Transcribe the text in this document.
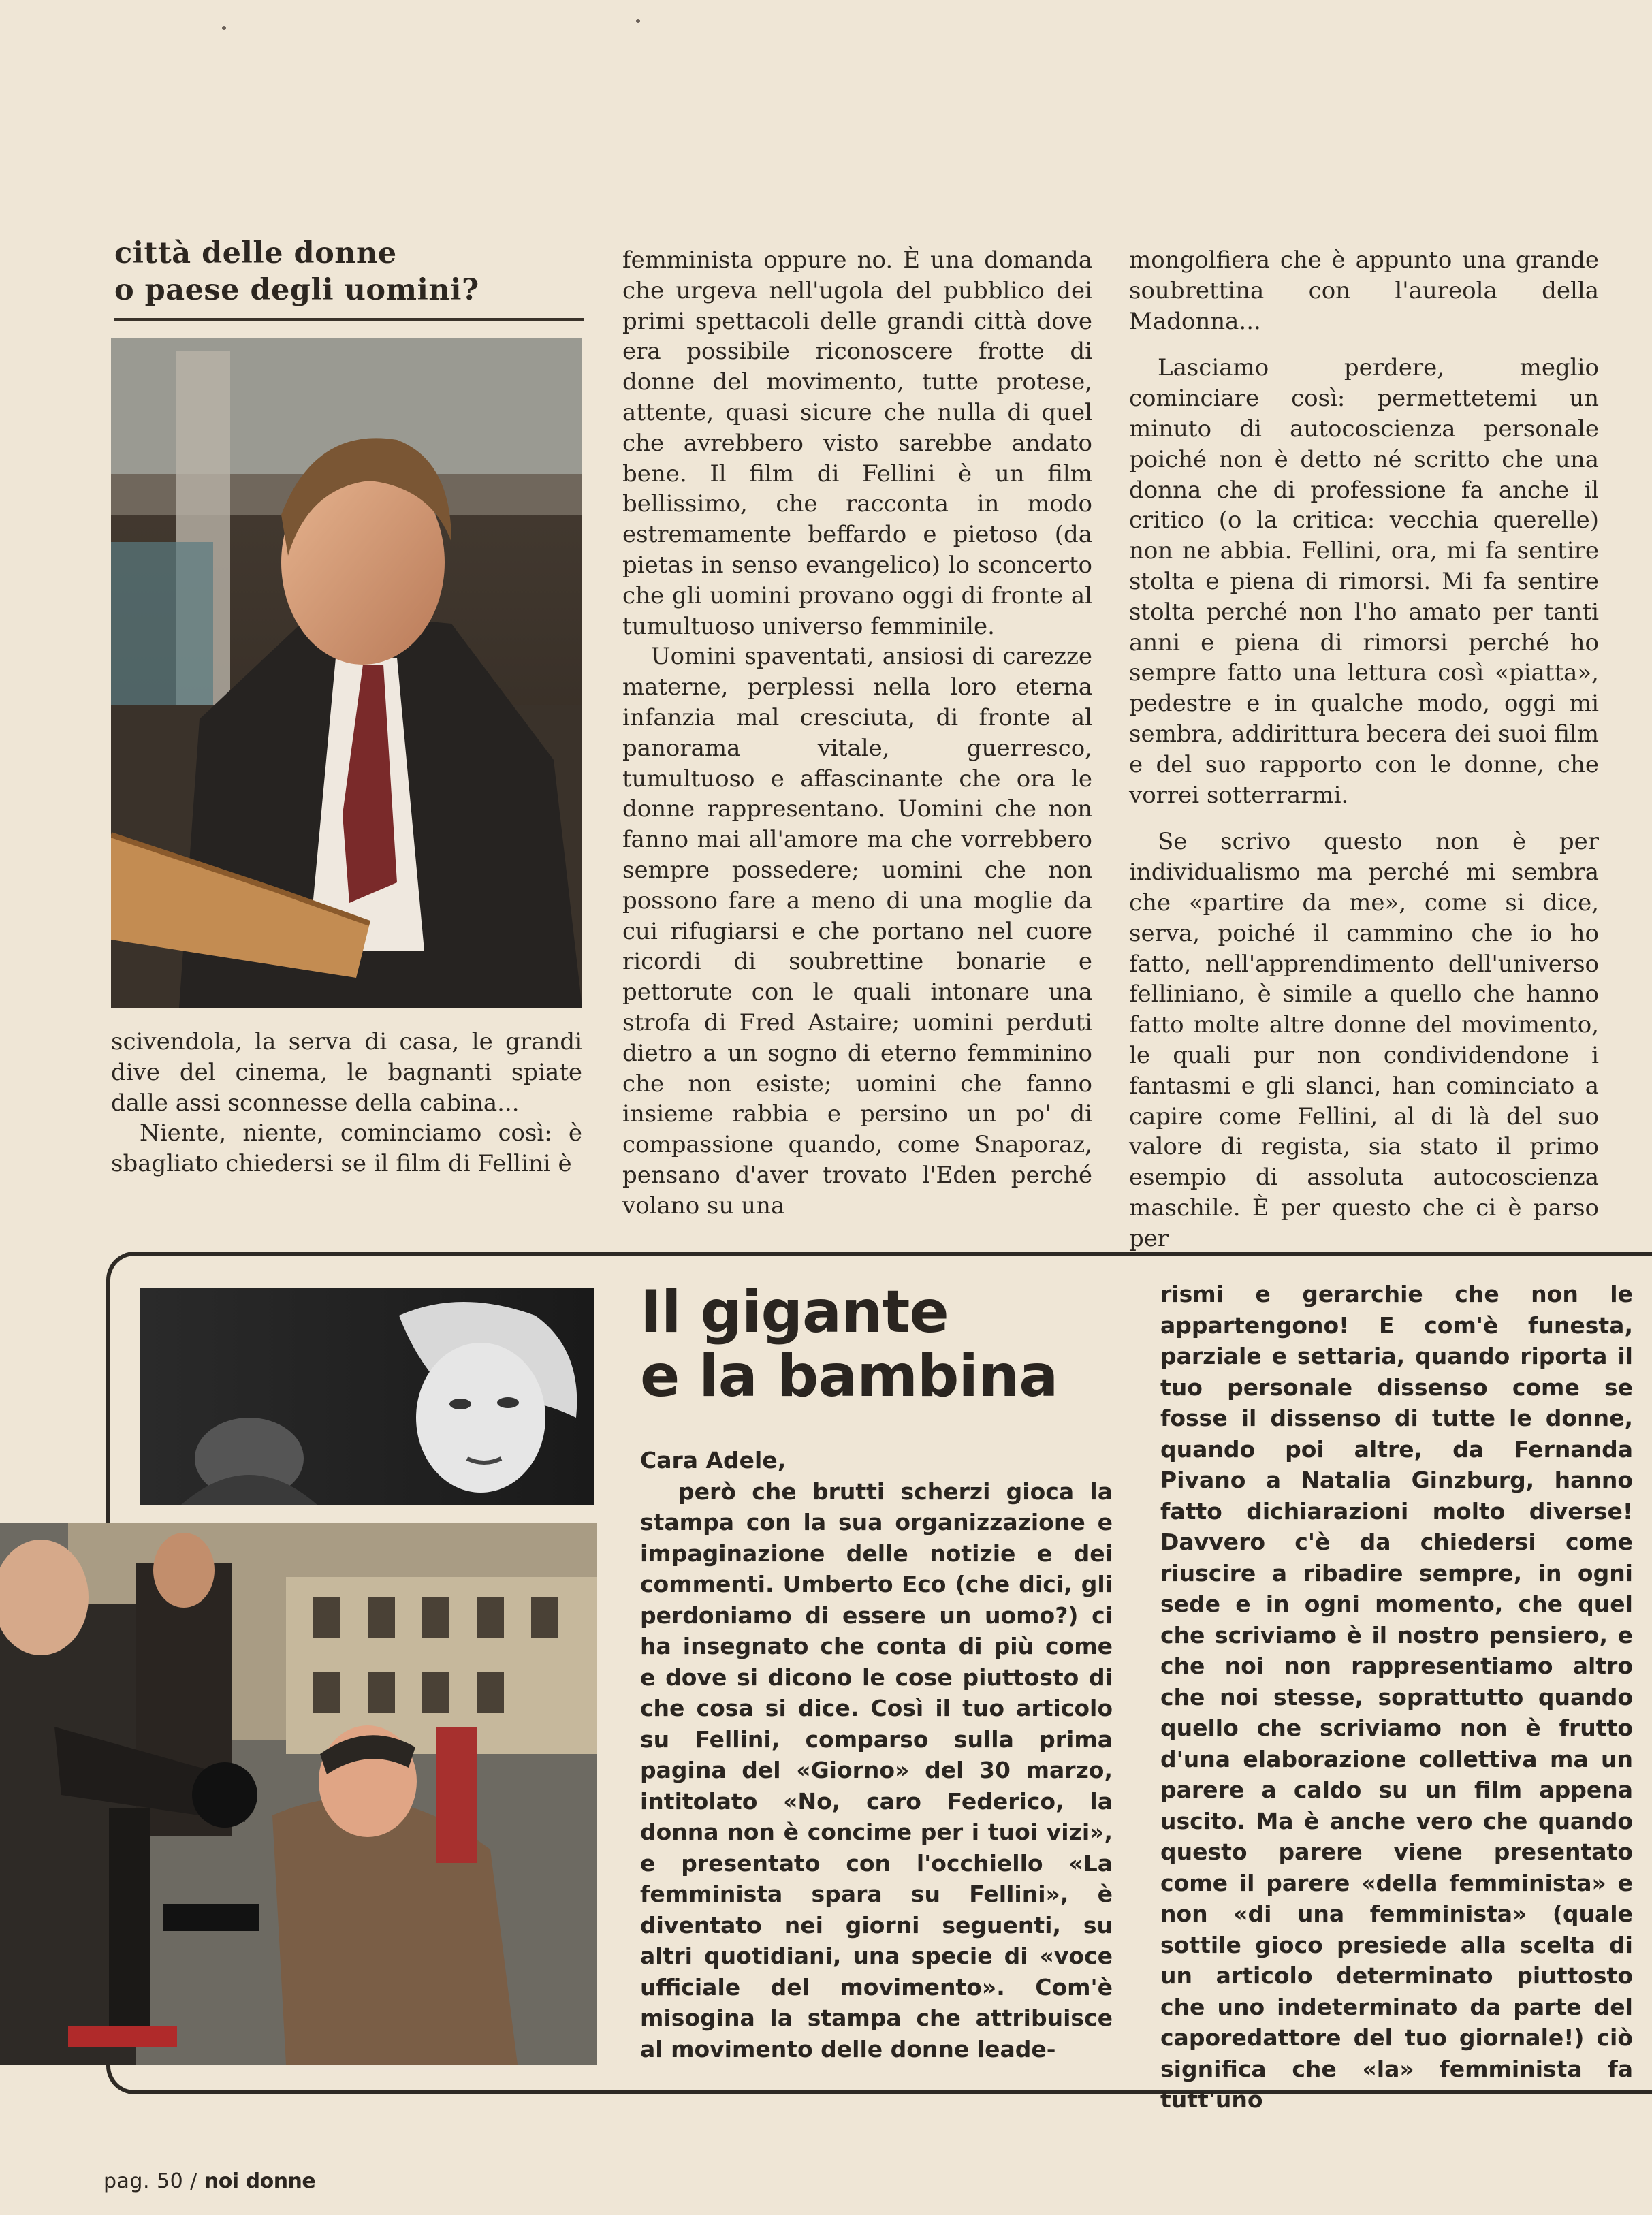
città delle donne
o paese degli uomini?

scivendola, la serva di casa, le grandi dive del cinema, le bagnanti spiate dalle assi sconnesse della cabina...

Niente, niente, cominciamo così: è sbagliato chiedersi se il film di Fellini è

femminista oppure no. È una domanda che urgeva nell'ugola del pubblico dei primi spettacoli delle grandi città dove era possibile riconoscere frotte di donne del movimento, tutte protese, attente, quasi sicure che nulla di quel che avrebbero visto sarebbe andato bene. Il film di Fellini è un film bellissimo, che racconta in modo estremamente beffardo e pietoso (da pietas in senso evangelico) lo sconcerto che gli uomini provano oggi di fronte al tumultuoso universo femminile.

Uomini spaventati, ansiosi di carezze materne, perplessi nella loro eterna infanzia mal cresciuta, di fronte al panorama vitale, guerresco, tumultuoso e affascinante che ora le donne rappresentano. Uomini che non fanno mai all'amore ma che vorrebbero sempre possedere; uomini che non possono fare a meno di una moglie da cui rifugiarsi e che portano nel cuore ricordi di soubrettine bonarie e pettorute con le quali intonare una strofa di Fred Astaire; uomini perduti dietro a un sogno di eterno femminino che non esiste; uomini che fanno insieme rabbia e persino un po' di compassione quando, come Snaporaz, pensano d'aver trovato l'Eden perché volano su una

mongolfiera che è appunto una grande soubrettina con l'aureola della Madonna...

Lasciamo perdere, meglio cominciare così: permettetemi un minuto di autocoscienza personale poiché non è detto né scritto che una donna che di professione fa anche il critico (o la critica: vecchia querelle) non ne abbia. Fellini, ora, mi fa sentire stolta e piena di rimorsi. Mi fa sentire stolta perché non l'ho amato per tanti anni e piena di rimorsi perché ho sempre fatto una lettura così «piatta», pedestre e in qualche modo, oggi mi sembra, addirittura becera dei suoi film e del suo rapporto con le donne, che vorrei sotterrarmi.

Se scrivo questo non è per individualismo ma perché mi sembra che «partire da me», come si dice, serva, poiché il cammino che io ho fatto, nell'apprendimento dell'universo felliniano, è simile a quello che hanno fatto molte altre donne del movimento, le quali pur non condividendone i fantasmi e gli slanci, han cominciato a capire come Fellini, al di là del suo valore di regista, sia stato il primo esempio di assoluta autocoscienza maschile. È per questo che ci è parso per

Il gigante
e la bambina

Cara Adele,

però che brutti scherzi gioca la stampa con la sua organizzazione e impaginazione delle notizie e dei commenti. Umberto Eco (che dici, gli perdoniamo di essere un uomo?) ci ha insegnato che conta di più come e dove si dicono le cose piuttosto di che cosa si dice. Così il tuo articolo su Fellini, comparso sulla prima pagina del «Giorno» del 30 marzo, intitolato «No, caro Federico, la donna non è concime per i tuoi vizi», e presentato con l'occhiello «La femminista spara su Fellini», è diventato nei giorni seguenti, su altri quotidiani, una specie di «voce ufficiale del movimento». Com'è misogina la stampa che attribuisce al movimento delle donne leade-

rismi e gerarchie che non le appartengono! E com'è funesta, parziale e settaria, quando riporta il tuo personale dissenso come se fosse il dissenso di tutte le donne, quando poi altre, da Fernanda Pivano a Natalia Ginzburg, hanno fatto dichiarazioni molto diverse! Davvero c'è da chiedersi come riuscire a ribadire sempre, in ogni sede e in ogni momento, che quel che scriviamo è il nostro pensiero, e che noi non rappresentiamo altro che noi stesse, soprattutto quando quello che scriviamo non è frutto d'una elaborazione collettiva ma un parere a caldo su un film appena uscito. Ma è anche vero che quando questo parere viene presentato come il parere «della femminista» e non «di una femminista» (quale sottile gioco presiede alla scelta di un articolo determinato piuttosto che uno indeterminato da parte del caporedattore del tuo giornale!) ciò significa che «la» femminista fa tutt'uno

pag. 50 / noi donne
